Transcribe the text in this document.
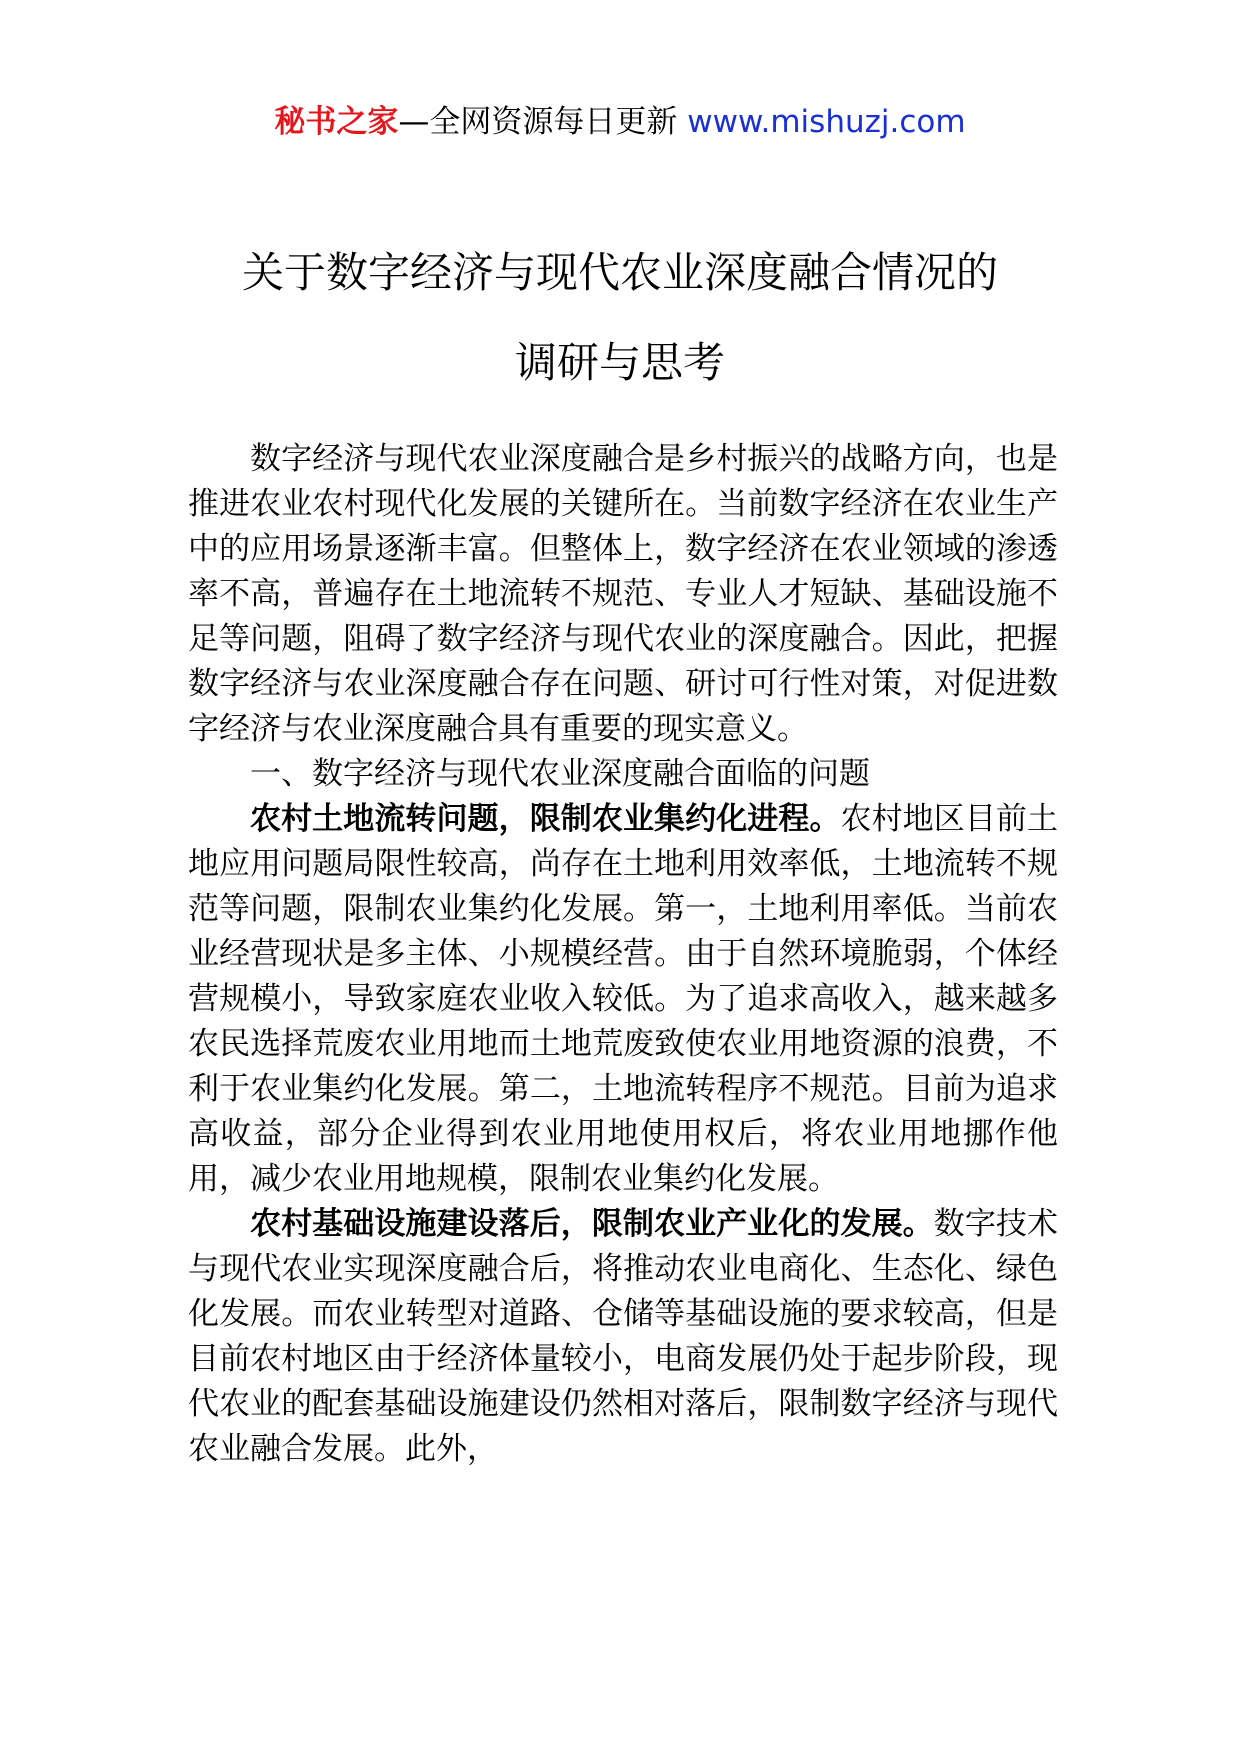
秘书之家—全网资源每日更新 www.mishuzj.com
关于数字经济与现代农业深度融合情况的
调研与思考

数字经济与现代农业深度融合是乡村振兴的战略方向，也是推进农业农村现代化发展的关键所在。当前数字经济在农业生产中的应用场景逐渐丰富。但整体上，数字经济在农业领域的渗透率不高，普遍存在土地流转不规范、专业人才短缺、基础设施不足等问题，阻碍了数字经济与现代农业的深度融合。因此，把握数字经济与农业深度融合存在问题、研讨可行性对策，对促进数字经济与农业深度融合具有重要的现实意义。

一、数字经济与现代农业深度融合面临的问题

农村土地流转问题，限制农业集约化进程。农村地区目前土地应用问题局限性较高，尚存在土地利用效率低，土地流转不规范等问题，限制农业集约化发展。第一，土地利用率低。当前农业经营现状是多主体、小规模经营。由于自然环境脆弱，个体经营规模小，导致家庭农业收入较低。为了追求高收入，越来越多农民选择荒废农业用地而土地荒废致使农业用地资源的浪费，不利于农业集约化发展。第二，土地流转程序不规范。目前为追求高收益，部分企业得到农业用地使用权后，将农业用地挪作他用，减少农业用地规模，限制农业集约化发展。

农村基础设施建设落后，限制农业产业化的发展。数字技术与现代农业实现深度融合后，将推动农业电商化、生态化、绿色化发展。而农业转型对道路、仓储等基础设施的要求较高，但是目前农村地区由于经济体量较小，电商发展仍处于起步阶段，现代农业的配套基础设施建设仍然相对落后，限制数字经济与现代农业融合发展。此外，
